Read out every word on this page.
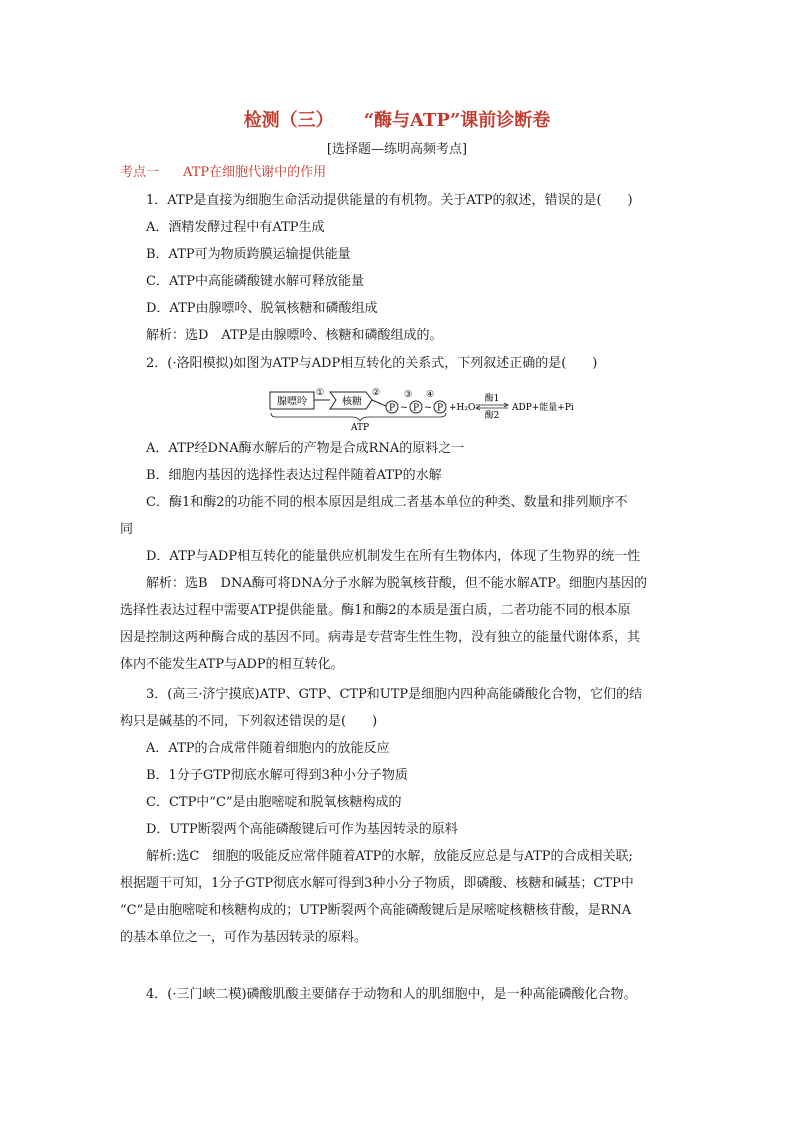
检测（三） “酶与ATP”课前诊断卷
[选择题—练明高频考点]
考点一 ATP在细胞代谢中的作用
1．ATP是直接为细胞生命活动提供能量的有机物。关于ATP的叙述，错误的是(　　)
A．酒精发酵过程中有ATP生成
B．ATP可为物质跨膜运输提供能量
C．ATP中高能磷酸键水解可释放能量
D．ATP由腺嘌呤、脱氧核糖和磷酸组成
解析：选D　ATP是由腺嘌呤、核糖和磷酸组成的。
2．(·洛阳模拟)如图为ATP与ADP相互转化的关系式，下列叙述正确的是(　　)
腺嘌呤
①
核糖
②
P ~
③
P ~
④
P +H₂O
酶1
酶2
ADP+能量+Pi
ATP
A．ATP经DNA酶水解后的产物是合成RNA的原料之一
B．细胞内基因的选择性表达过程伴随着ATP的水解
C．酶1和酶2的功能不同的根本原因是组成二者基本单位的种类、数量和排列顺序不
同
D．ATP与ADP相互转化的能量供应机制发生在所有生物体内，体现了生物界的统一性
解析：选B　DNA酶可将DNA分子水解为脱氧核苷酸，但不能水解ATP。细胞内基因的
选择性表达过程中需要ATP提供能量。酶1和酶2的本质是蛋白质，二者功能不同的根本原
因是控制这两种酶合成的基因不同。病毒是专营寄生性生物，没有独立的能量代谢体系，其
体内不能发生ATP与ADP的相互转化。
3．(高三·济宁摸底)ATP、GTP、CTP和UTP是细胞内四种高能磷酸化合物，它们的结
构只是碱基的不同，下列叙述错误的是(　　)
A．ATP的合成常伴随着细胞内的放能反应
B．1分子GTP彻底水解可得到3种小分子物质
C．CTP中“C”是由胞嘧啶和脱氧核糖构成的
D．UTP断裂两个高能磷酸键后可作为基因转录的原料
解析:选C　细胞的吸能反应常伴随着ATP的水解，放能反应总是与ATP的合成相关联;
根据题干可知，1分子GTP彻底水解可得到3种小分子物质，即磷酸、核糖和碱基；CTP中
“C”是由胞嘧啶和核糖构成的；UTP断裂两个高能磷酸键后是尿嘧啶核糖核苷酸，是RNA
的基本单位之一，可作为基因转录的原料。
4．(·三门峡二模)磷酸肌酸主要储存于动物和人的肌细胞中，是一种高能磷酸化合物。
